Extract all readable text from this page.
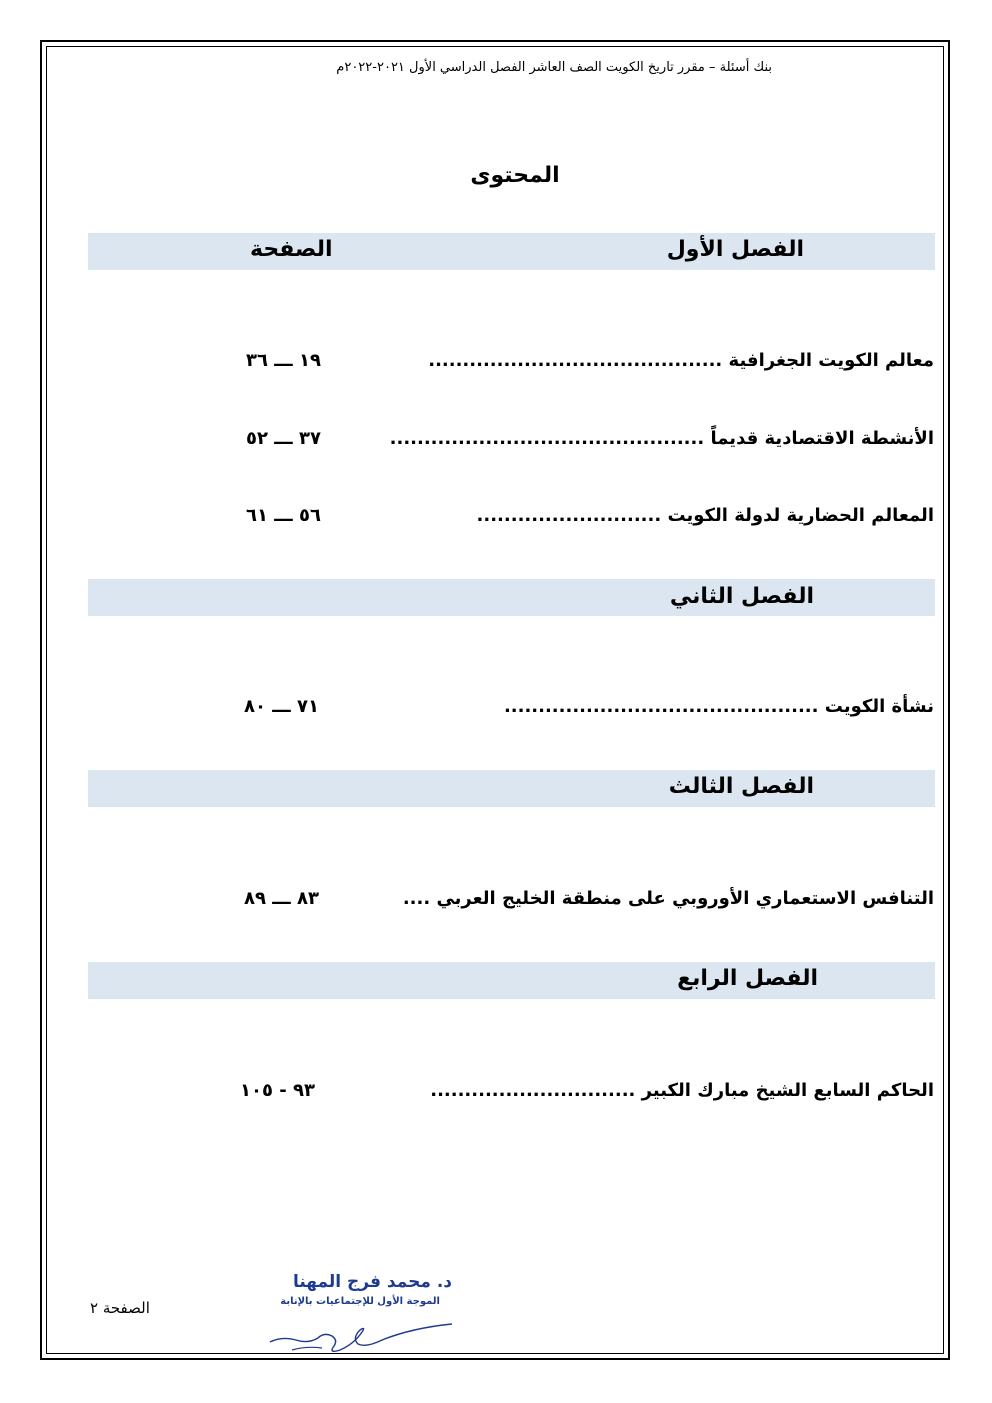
بنك أسئلة – مقرر تاريخ الكويت الصف العاشر الفصل الدراسي الأول ٢٠٢١-٢٠٢٢م
المحتوى
الفصل الأول
الصفحة
معالم الكويت الجغرافية ...........................................
١٩ ـــ ٣٦
الأنشطة الاقتصادية قديماً ..............................................
٣٧ ـــ ٥٢
المعالم الحضارية لدولة الكويت ...........................
٥٦ ـــ ٦١
الفصل الثاني
نشأة الكويت ..............................................
٧١ ـــ ٨٠
الفصل الثالث
التنافس الاستعماري الأوروبي على منطقة الخليج العربي ....
٨٣ ـــ ٨٩
الفصل الرابع
الحاكم السابع الشيخ مبارك الكبير ..............................
٩٣ - ١٠٥
الصفحة ٢
د. محمد فرج المهنا
الموجة الأول للإجتماعيات بالإنابة
